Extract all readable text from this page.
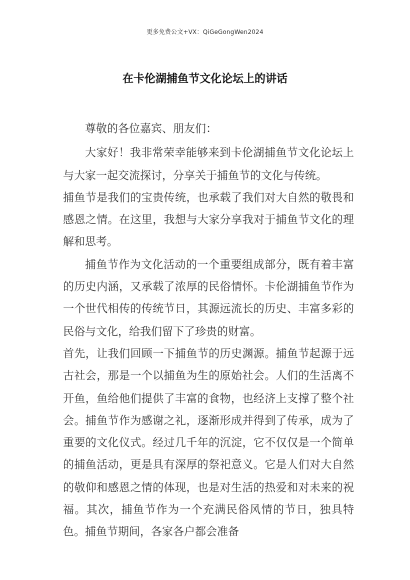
更多免费公文+VX：QiGeGongWen2024
在卡伦湖捕鱼节文化论坛上的讲话

尊敬的各位嘉宾、朋友们：

大家好！我非常荣幸能够来到卡伦湖捕鱼节文化论坛上与大家一起交流探讨，分享关于捕鱼节的文化与传统。

捕鱼节是我们的宝贵传统，也承载了我们对大自然的敬畏和感恩之情。在这里，我想与大家分享我对于捕鱼节文化的理解和思考。

捕鱼节作为文化活动的一个重要组成部分，既有着丰富的历史内涵，又承载了浓厚的民俗情怀。卡伦湖捕鱼节作为一个世代相传的传统节日，其源远流长的历史、丰富多彩的民俗与文化，给我们留下了珍贵的财富。

首先，让我们回顾一下捕鱼节的历史渊源。捕鱼节起源于远古社会，那是一个以捕鱼为生的原始社会。人们的生活离不开鱼，鱼给他们提供了丰富的食物，也经济上支撑了整个社会。捕鱼节作为感谢之礼，逐渐形成并得到了传承，成为了重要的文化仪式。经过几千年的沉淀，它不仅仅是一个简单的捕鱼活动，更是具有深厚的祭祀意义。它是人们对大自然的敬仰和感恩之情的体现，也是对生活的热爱和对未来的祝福。其次，捕鱼节作为一个充满民俗风情的节日，独具特色。捕鱼节期间，各家各户都会准备
